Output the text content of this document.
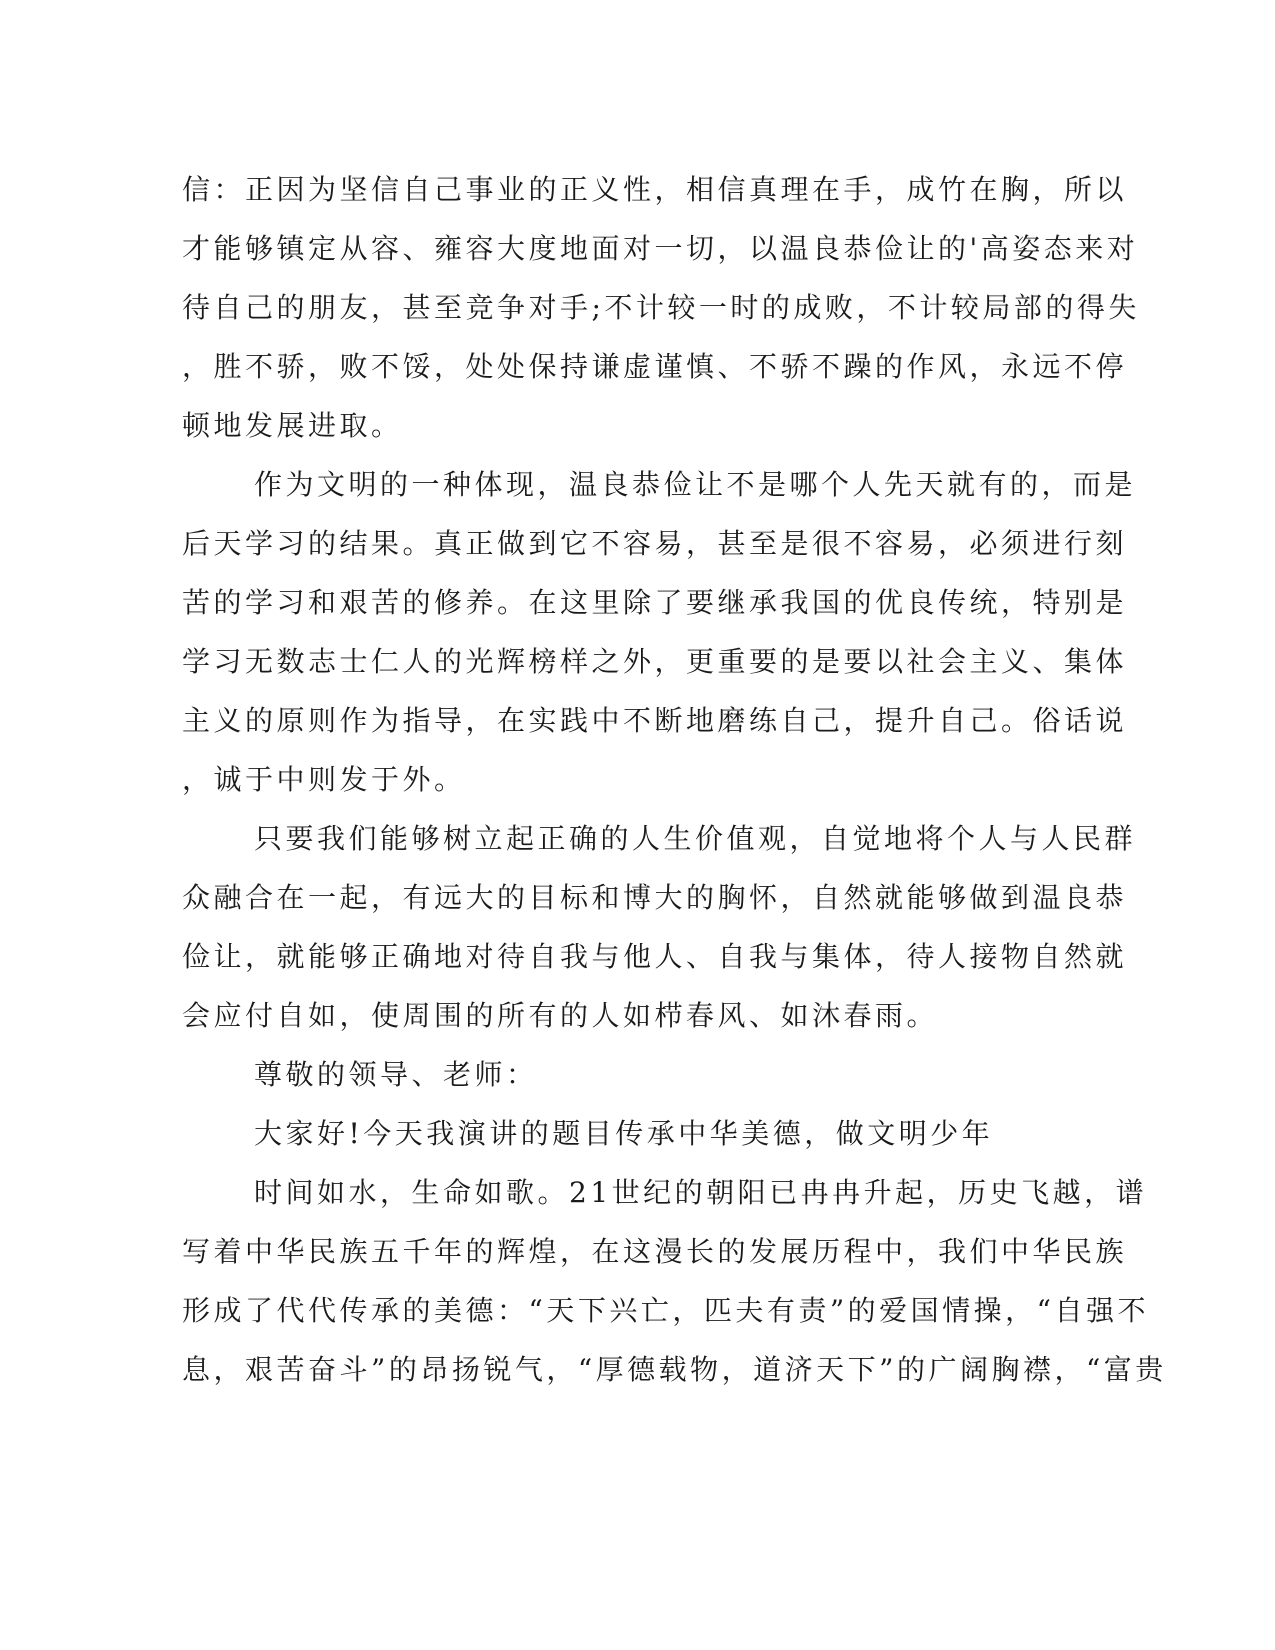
信：正因为坚信自己事业的正义性，相信真理在手，成竹在胸，所以
才能够镇定从容、雍容大度地面对一切，以温良恭俭让的'高姿态来对
待自己的朋友，甚至竞争对手;不计较一时的成败，不计较局部的得失
，胜不骄，败不馁，处处保持谦虚谨慎、不骄不躁的作风，永远不停
顿地发展进取。
作为文明的一种体现，温良恭俭让不是哪个人先天就有的，而是
后天学习的结果。真正做到它不容易，甚至是很不容易，必须进行刻
苦的学习和艰苦的修养。在这里除了要继承我国的优良传统，特别是
学习无数志士仁人的光辉榜样之外，更重要的是要以社会主义、集体
主义的原则作为指导，在实践中不断地磨练自己，提升自己。俗话说
，诚于中则发于外。
只要我们能够树立起正确的人生价值观，自觉地将个人与人民群
众融合在一起，有远大的目标和博大的胸怀，自然就能够做到温良恭
俭让，就能够正确地对待自我与他人、自我与集体，待人接物自然就
会应付自如，使周围的所有的人如栉春风、如沐春雨。
尊敬的领导、老师：
大家好!今天我演讲的题目传承中华美德，做文明少年
时间如水，生命如歌。21世纪的朝阳已冉冉升起，历史飞越，谱
写着中华民族五千年的辉煌，在这漫长的发展历程中，我们中华民族
形成了代代传承的美德：“天下兴亡，匹夫有责”的爱国情操，“自强不
息，艰苦奋斗”的昂扬锐气，“厚德载物，道济天下”的广阔胸襟，“富贵
